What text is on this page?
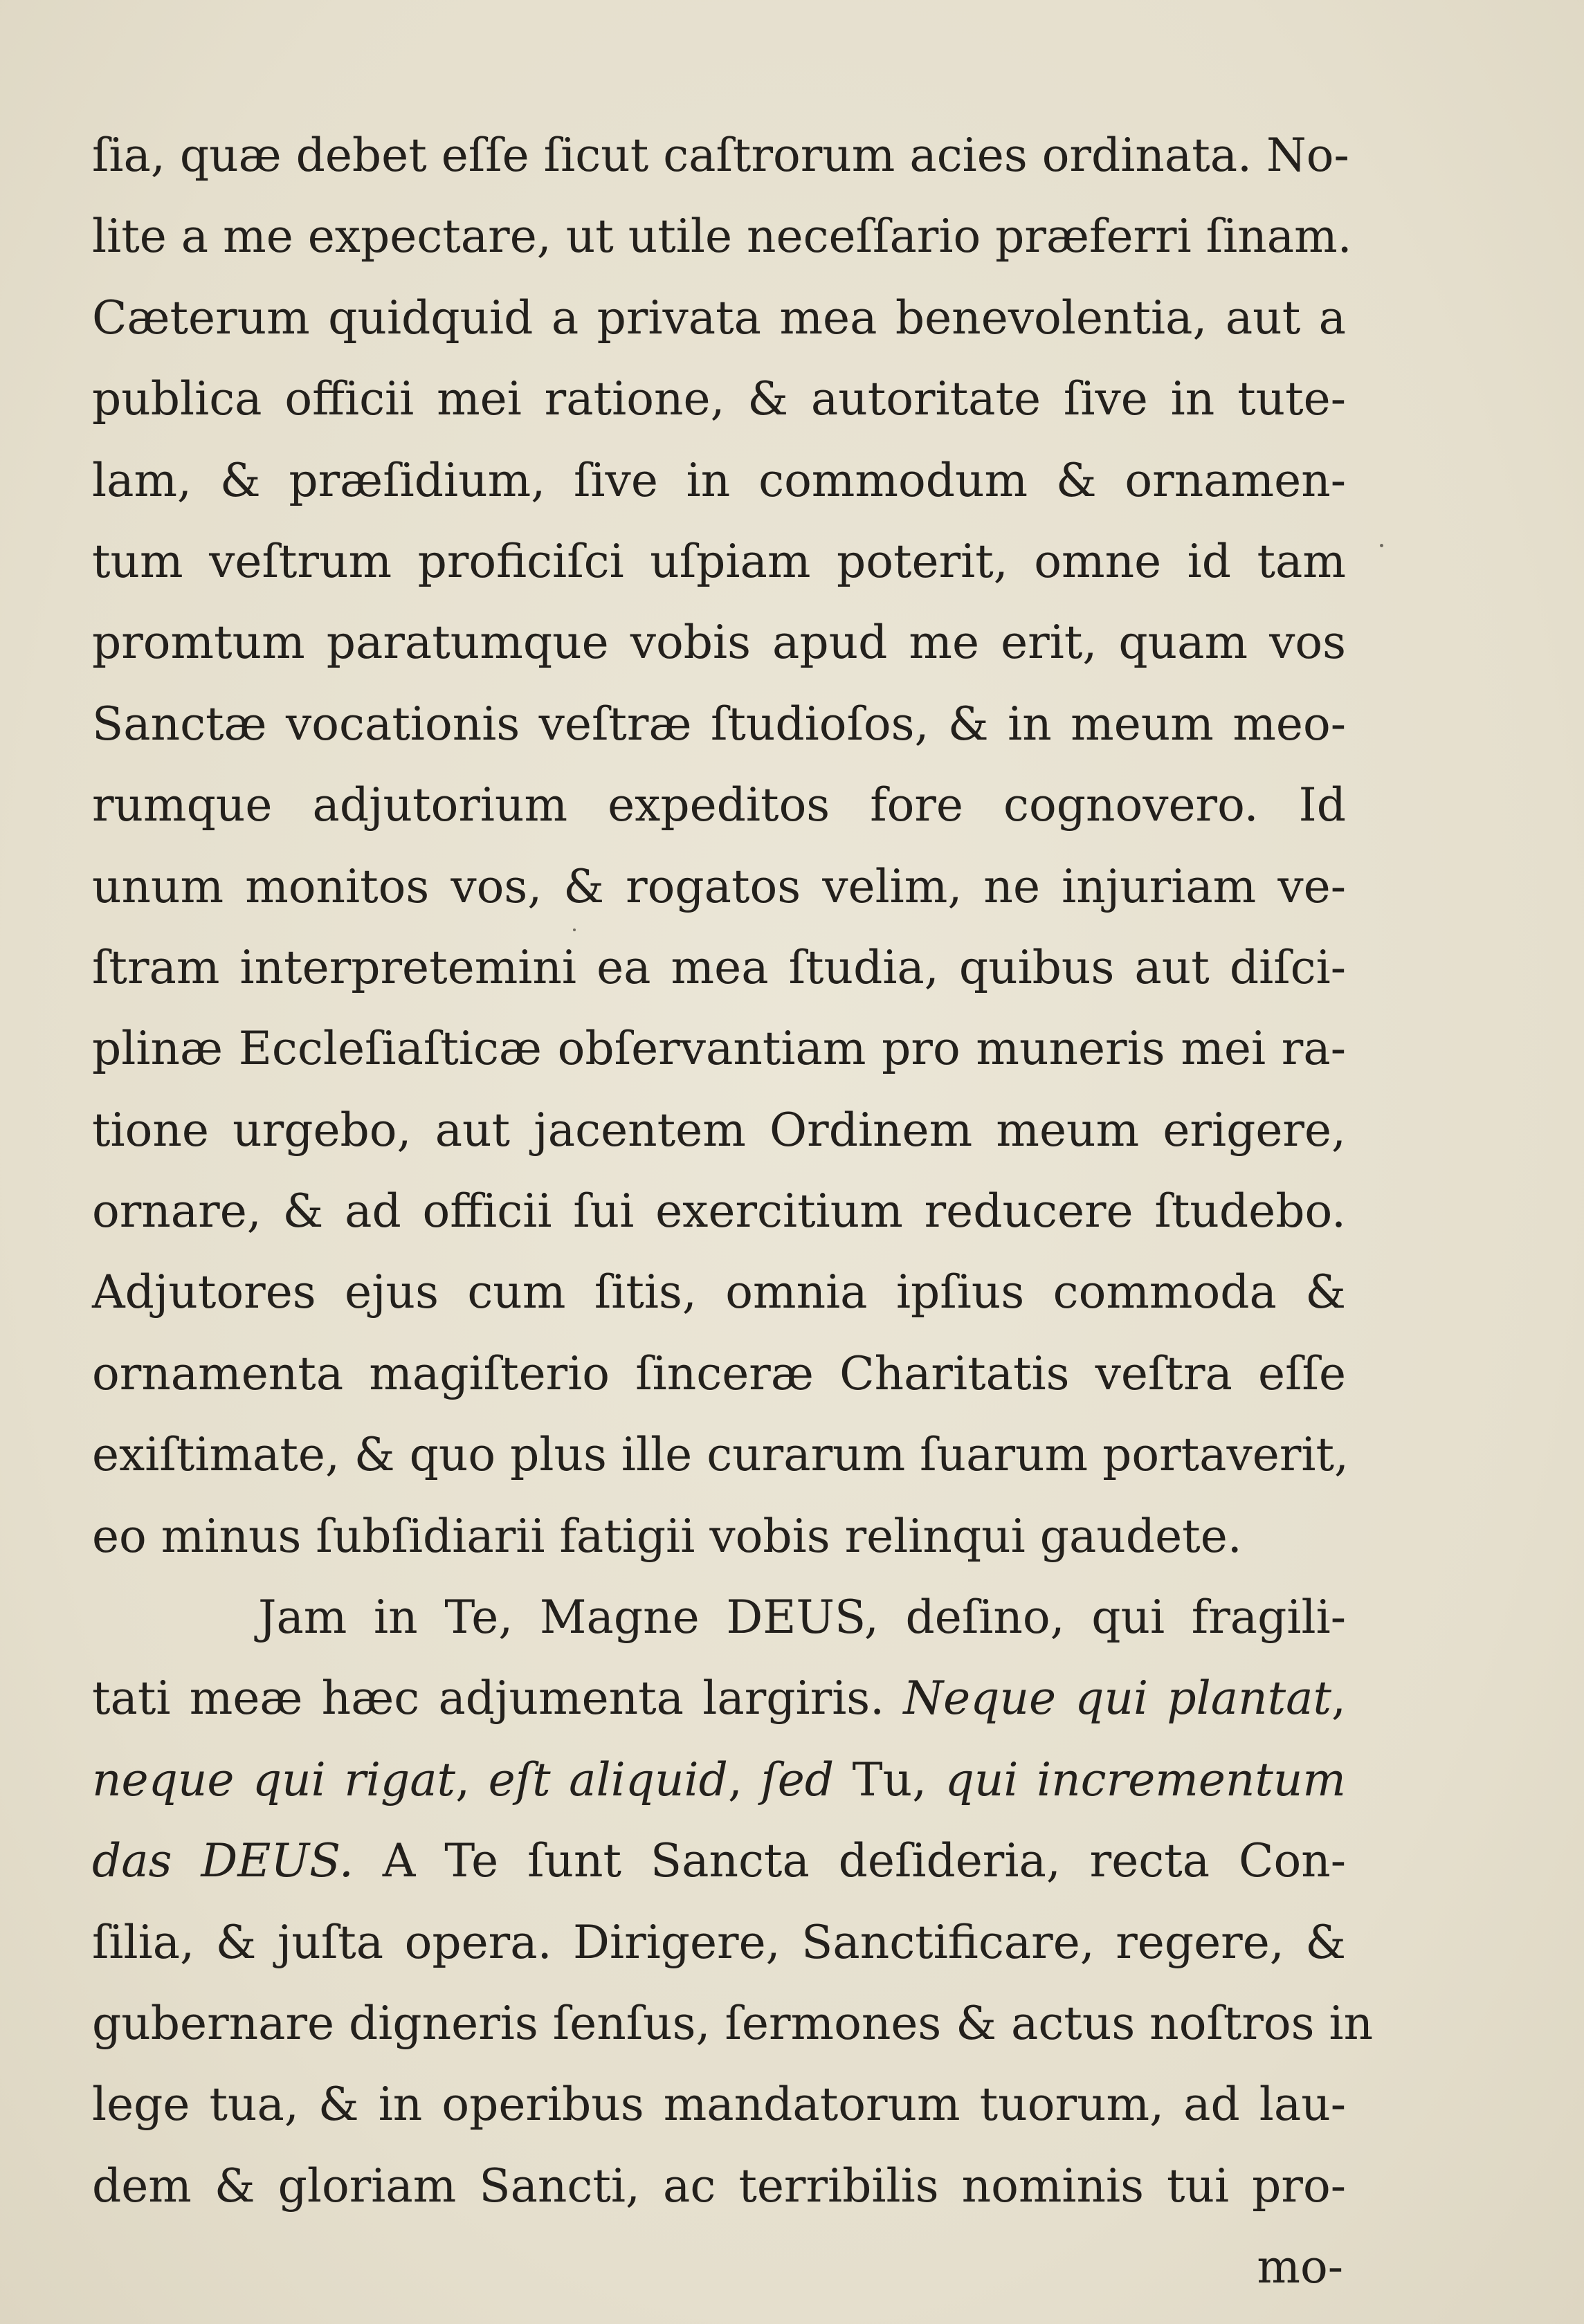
ſia, quæ debet eſſe ſicut caſtrorum acies ordinata. No-
lite a me expectare, ut utile neceſſario præferri ſinam.
Cæterum quidquid a privata mea benevolentia, aut a
publica officii mei ratione, & autoritate ſive in tute-
lam, & præſidium, ſive in commodum & ornamen-
tum veſtrum proficiſci uſpiam poterit, omne id tam
promtum paratumque vobis apud me erit, quam vos
Sanctæ vocationis veſtræ ſtudioſos, & in meum meo-
rumque adjutorium expeditos fore cognovero. Id
unum monitos vos, & rogatos velim, ne injuriam ve-
ſtram interpretemini ea mea ſtudia, quibus aut diſci-
plinæ Eccleſiaſticæ obſervantiam pro muneris mei ra-
tione urgebo, aut jacentem Ordinem meum erigere,
ornare, & ad officii ſui exercitium reducere ſtudebo.
Adjutores ejus cum ſitis, omnia ipſius commoda &
ornamenta magiſterio ſinceræ Charitatis veſtra eſſe
exiſtimate, & quo plus ille curarum ſuarum portaverit,
eo minus ſubſidiarii fatigii vobis relinqui gaudete.
Jam in Te, Magne DEUS, deſino, qui fragili-
tati meæ hæc adjumenta largiris. Neque qui plantat,
neque qui rigat, eſt aliquid, ſed Tu, qui incrementum
das DEUS. A Te ſunt Sancta deſideria, recta Con-
ſilia, & juſta opera. Dirigere, Sanctificare, regere, &
gubernare digneris ſenſus, ſermones & actus noſtros in
lege tua, & in operibus mandatorum tuorum, ad lau-
dem & gloriam Sancti, ac terribilis nominis tui pro-
mo-
